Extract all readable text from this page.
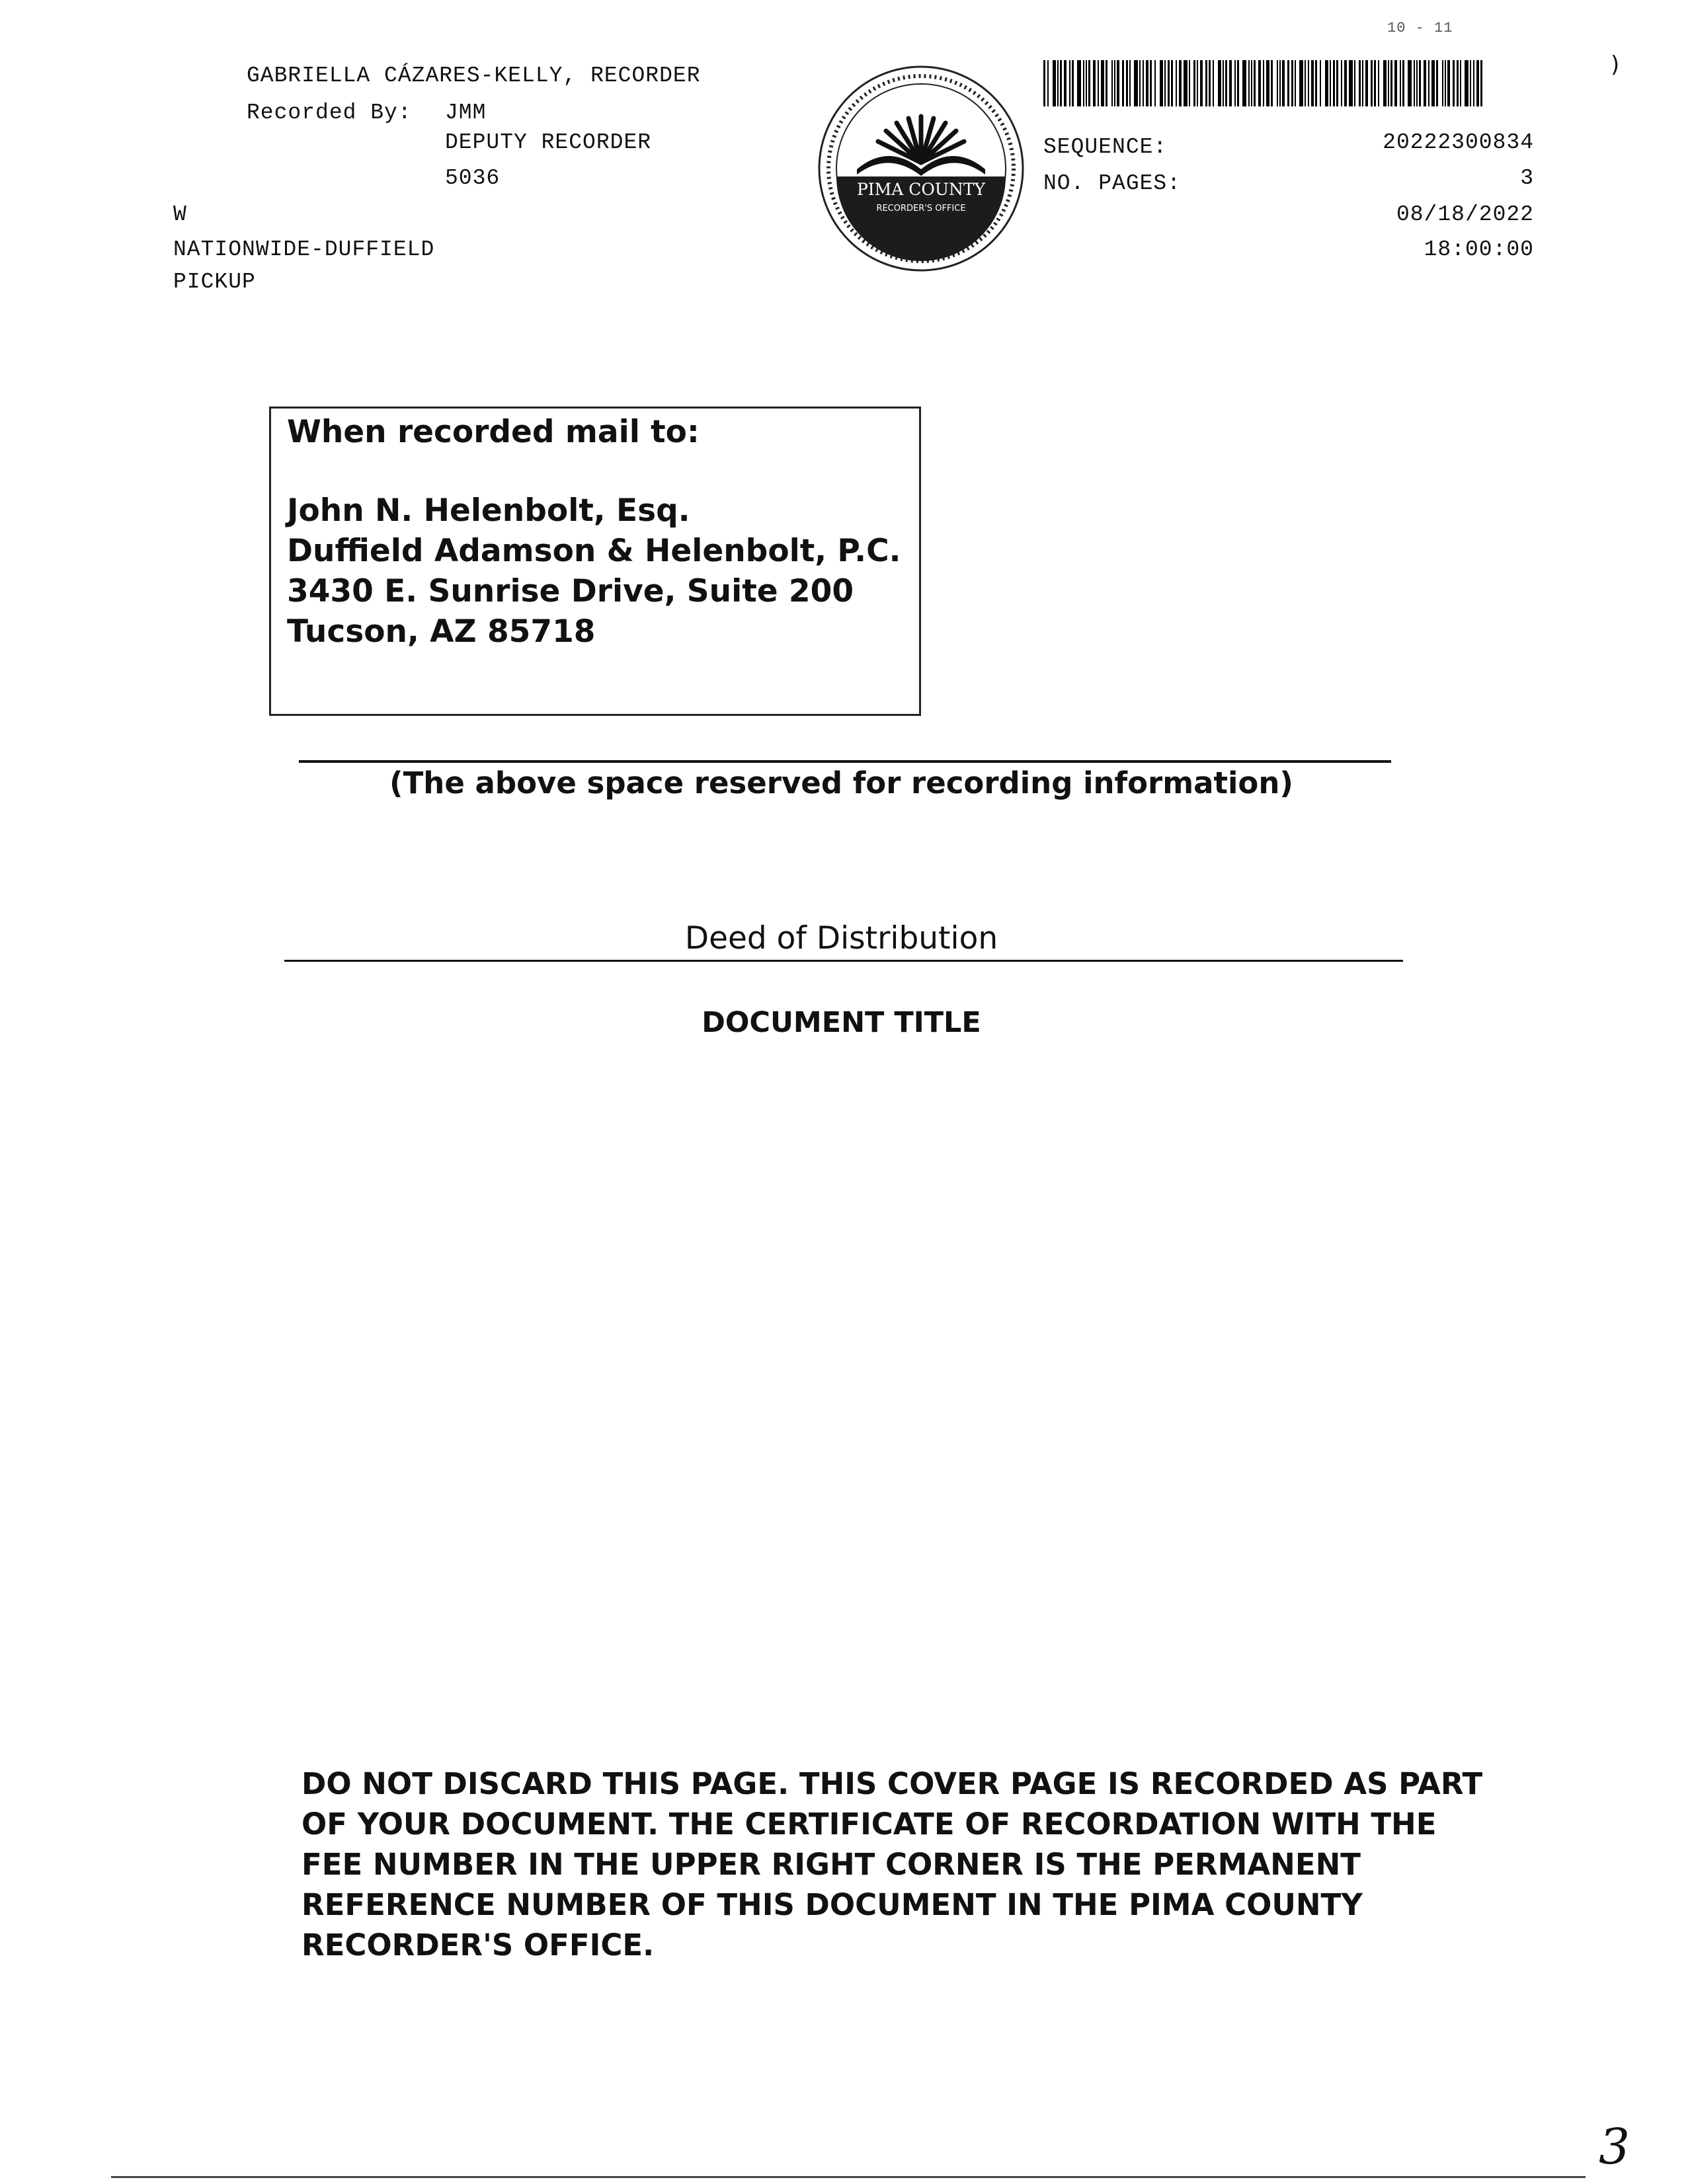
GABRIELLA CÁZARES-KELLY, RECORDER
Recorded By: JMM
DEPUTY RECORDER
5036
W
NATIONWIDE-DUFFIELD
PICKUP
10 - 11
)
PIMA COUNTY
RECORDER'S OFFICE
SEQUENCE:	20222300834
NO. PAGES:	3
08/18/2022
18:00:00
When recorded mail to:
John N. Helenbolt, Esq.
Duffield Adamson & Helenbolt, P.C.
3430 E. Sunrise Drive, Suite 200
Tucson, AZ 85718
(The above space reserved for recording information)
Deed of Distribution
DOCUMENT TITLE
DO NOT DISCARD THIS PAGE. THIS COVER PAGE IS RECORDED AS PART
OF YOUR DOCUMENT. THE CERTIFICATE OF RECORDATION WITH THE
FEE NUMBER IN THE UPPER RIGHT CORNER IS THE PERMANENT
REFERENCE NUMBER OF THIS DOCUMENT IN THE PIMA COUNTY
RECORDER'S OFFICE.
3
